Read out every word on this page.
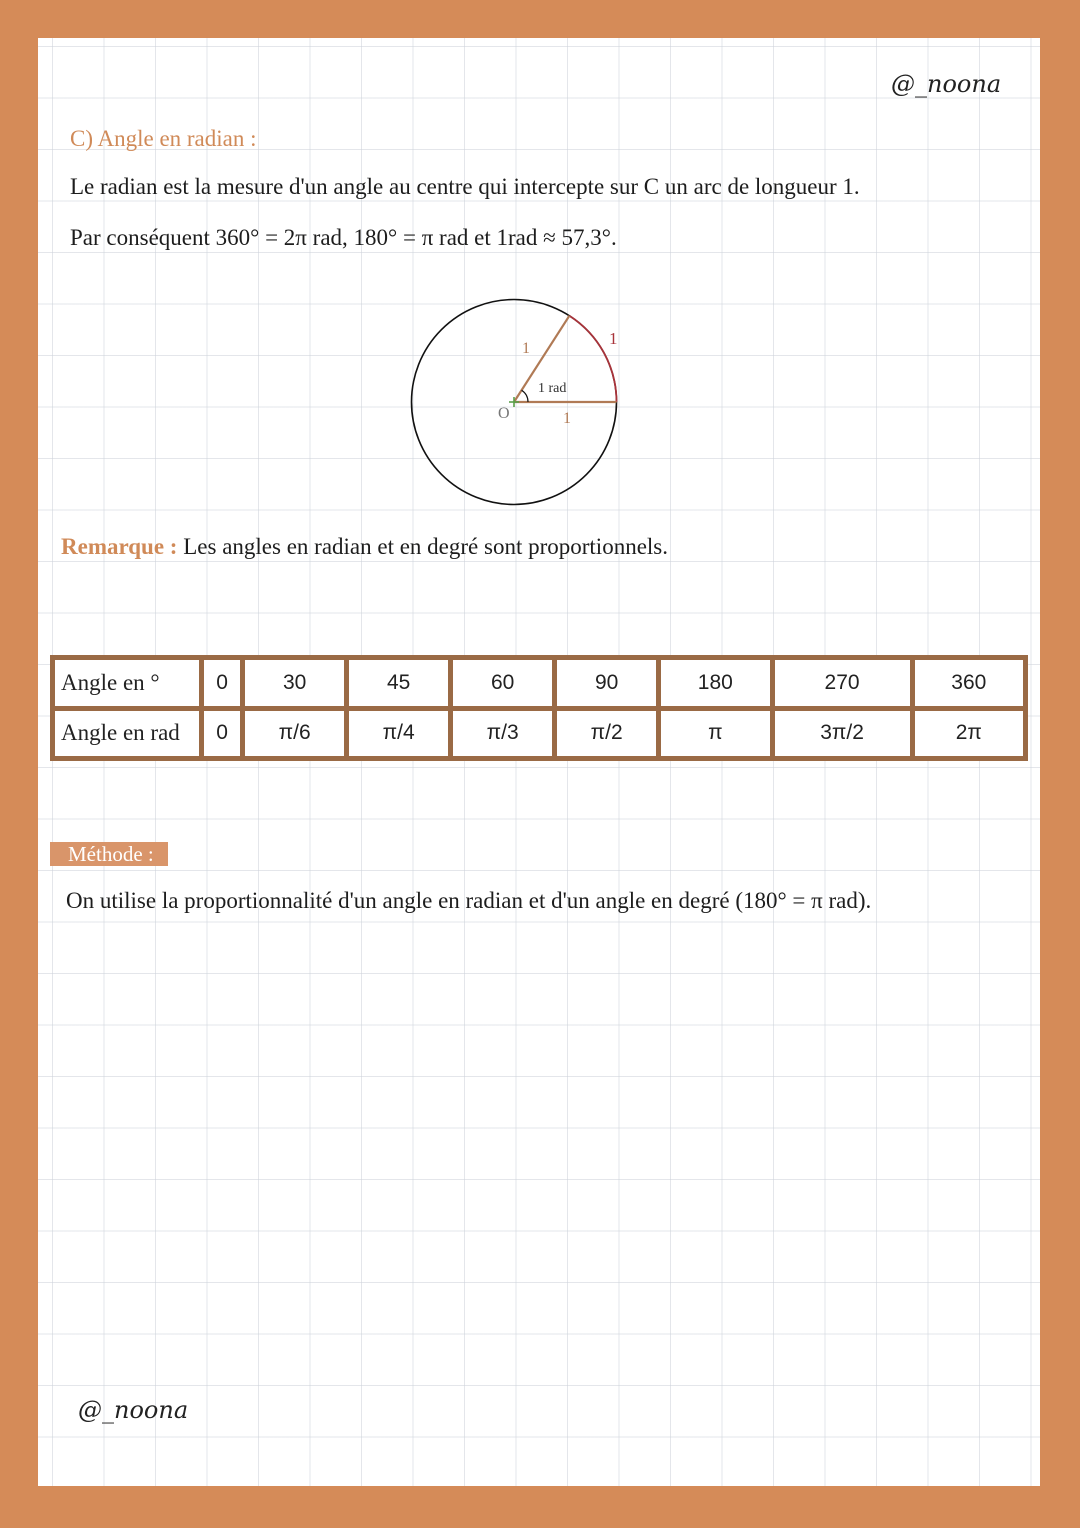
@_noona
C) Angle en radian :
Le radian est la mesure d'un angle au centre qui intercepte sur C un arc de longueur 1.
Par conséquent 360° = 2π rad, 180° = π rad et 1rad ≈ 57,3°.
O	1
1
1
1 rad
Remarque : Les angles en radian et en degré sont proportionnels.
Angle en °	0	30	45	60	90	180	270	360
Angle en rad	0	π/6	π/4	π/3	π/2	π	3π/2	2π
Méthode :
On utilise la proportionnalité d'un angle en radian et d'un angle en degré (180° = π rad).
@_noona
